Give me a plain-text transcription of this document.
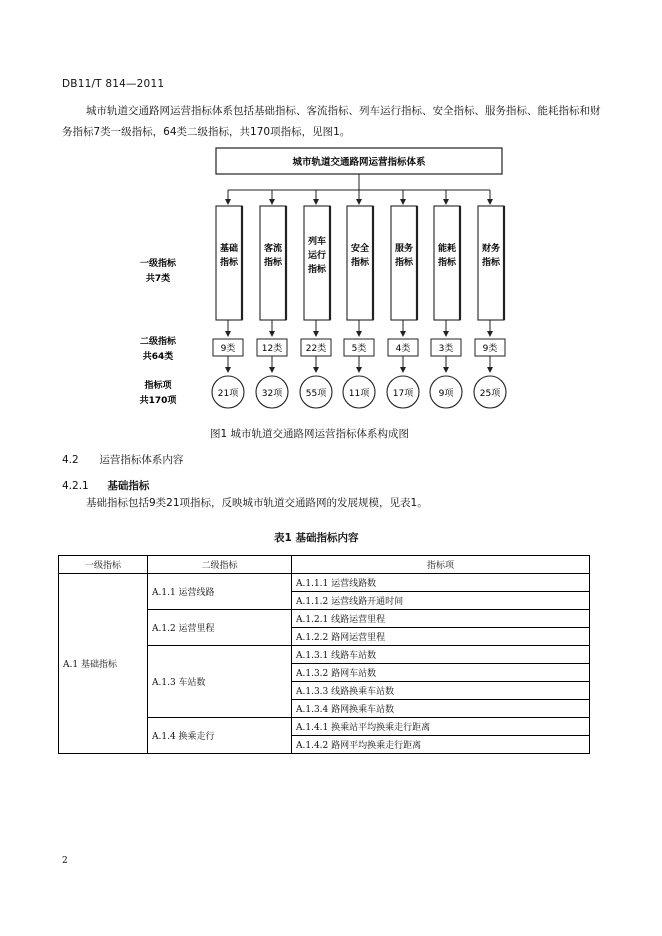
DB11/T 814—2011
城市轨道交通路网运营指标体系包括基础指标、客流指标、列车运行指标、安全指标、服务指标、能耗指标和财务指标7类一级指标，64类二级指标，共170项指标，见图1。
城市轨道交通路网运营指标体系
基础
指标
9类
21项
客流
指标
12类
32项
列车
运行
指标
22类
55项
安全
指标
5类
11项
服务
指标
4类
17项
能耗
指标
3类
9项
财务
指标
9类
25项
一级指标
共7类
二级指标
共64类
指标项
共170项
图1 城市轨道交通路网运营指标体系构成图
4.2 运营指标体系内容
4.2.1 基础指标
基础指标包括9类21项指标，反映城市轨道交通路网的发展规模，见表1。
表1 基础指标内容
一级指标	二级指标	指标项
A.1 基础指标	A.1.1 运营线路	A.1.1.1 运营线路数
		A.1.1.2 运营线路开通时间
	A.1.2 运营里程	A.1.2.1 线路运营里程
		A.1.2.2 路网运营里程
	A.1.3 车站数	A.1.3.1 线路车站数
		A.1.3.2 路网车站数
		A.1.3.3 线路换乘车站数
		A.1.3.4 路网换乘车站数
	A.1.4 换乘走行	A.1.4.1 换乘站平均换乘走行距离
		A.1.4.2 路网平均换乘走行距离
2
